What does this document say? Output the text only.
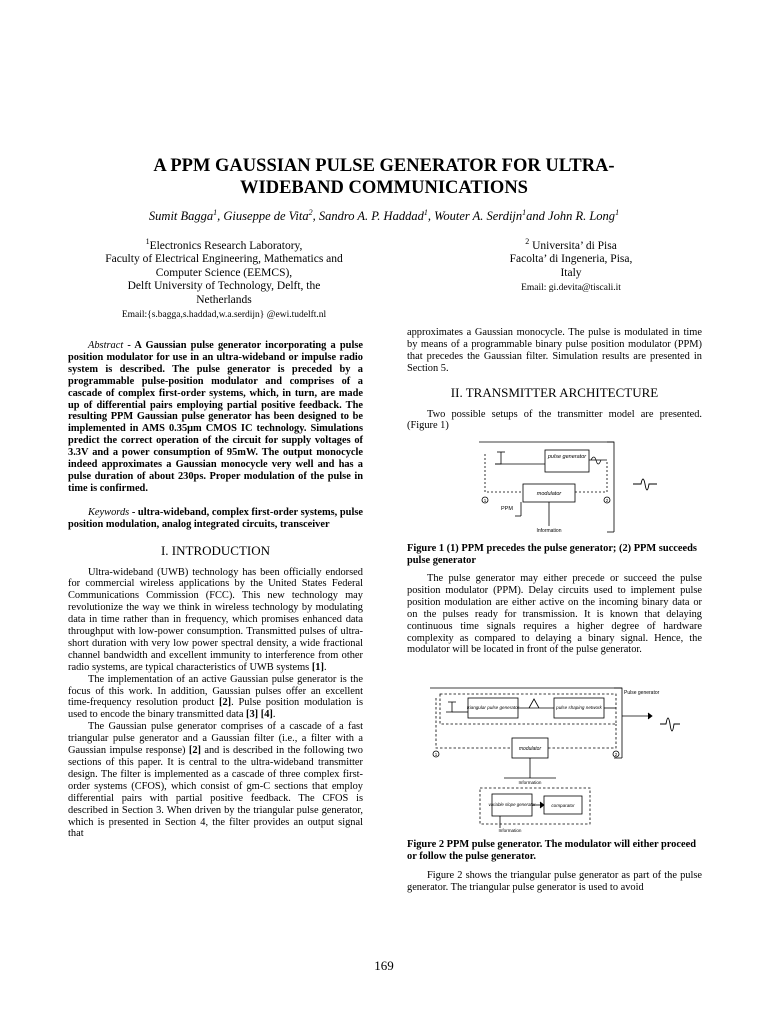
A PPM GAUSSIAN PULSE GENERATOR FOR ULTRA-
WIDEBAND COMMUNICATIONS
Sumit Bagga$^1$, Giuseppe de Vita$^2$, Sandro A. P. Haddad$^1$, Wouter A. Serdijn$^1$and John R. Long$^1$
$^1$Electronics Research Laboratory,
Faculty of Electrical Engineering, Mathematics and
Computer Science (EEMCS),
Delft University of Technology, Delft, the
Netherlands
Email:{s.bagga,s.haddad,w.a.serdijn} @ewi.tudelft.nl
$^2$ Universita’ di Pisa
Facolta’ di Ingeneria, Pisa,
Italy
Email: gi.devita@tiscali.it

Abstract - A Gaussian pulse generator incorporating a pulse position modulator for use in an ultra-wideband or impulse radio system is described. The pulse generator is preceded by a programmable pulse-position modulator and comprises of a cascade of complex first-order systems, which, in turn, are made up of differential pairs employing partial positive feedback. The resulting PPM Gaussian pulse generator has been designed to be implemented in AMS 0.35μm CMOS IC technology. Simulations predict the correct operation of the circuit for supply voltages of 3.3V and a power consumption of 95mW. The output monocycle indeed approximates a Gaussian monocycle very well and has a pulse duration of about 230ps. Proper modulation of the pulse in time is confirmed.

Keywords - ultra-wideband, complex first-order systems, pulse position modulation, analog integrated circuits, transceiver

I. INTRODUCTION

Ultra-wideband (UWB) technology has been officially endorsed for commercial wireless applications by the United States Federal Communications Commission (FCC). This new technology may revolutionize the way we think in wireless technology by modulating data in time rather than in frequency, which promises enhanced data throughput with low-power consumption. Transmitted pulses of ultra-short duration with very low power spectral density, a wide fractional channel bandwidth and excellent immunity to interference from other radio systems, are typical characteristics of UWB systems [1].

The implementation of an active Gaussian pulse generator is the focus of this work. In addition, Gaussian pulses offer an excellent time-frequency resolution product [2]. Pulse position modulation is used to encode the binary transmitted data [3] [4].

The Gaussian pulse generator comprises of a cascade of a fast triangular pulse generator and a Gaussian filter (i.e., a filter with a Gaussian impulse response) [2] and is described in the following two sections of this paper. It is central to the ultra-wideband transmitter design. The filter is implemented as a cascade of three complex first-order systems (CFOS), which consist of gm-C sections that employ differential pairs with partial positive feedback. The CFOS is described in Section 3. When driven by the triangular pulse generator, which is presented in Section 4, the filter provides an output signal that

approximates a Gaussian monocycle. The pulse is modulated in time by means of a programmable binary pulse position modulator (PPM) that precedes the Gaussian filter. Simulation results are presented in Section 5.

II. TRANSMITTER ARCHITECTURE

Two possible setups of the transmitter model are presented. (Figure 1)

pulse generator
modulator
PPM
Information
1	2
Figure 1 (1) PPM precedes the pulse generator; (2) PPM succeeds pulse generator

The pulse generator may either precede or succeed the pulse position modulator (PPM). Delay circuits used to implement pulse position modulation are either active on the incoming binary data or on the pulses ready for transmission. It is known that delaying continuous time signals requires a higher degree of hardware complexity as compared to delaying a binary signal. Hence, the modulator will be located in front of the pulse generator.

Pulse generator
triangular pulse generator	pulse shaping network
modulator
Information
variable slope generator	comparator
Information
1	2
Figure 2 PPM pulse generator. The modulator will either proceed or follow the pulse generator.

Figure 2 shows the triangular pulse generator as part of the pulse generator. The triangular pulse generator is used to avoid

169
